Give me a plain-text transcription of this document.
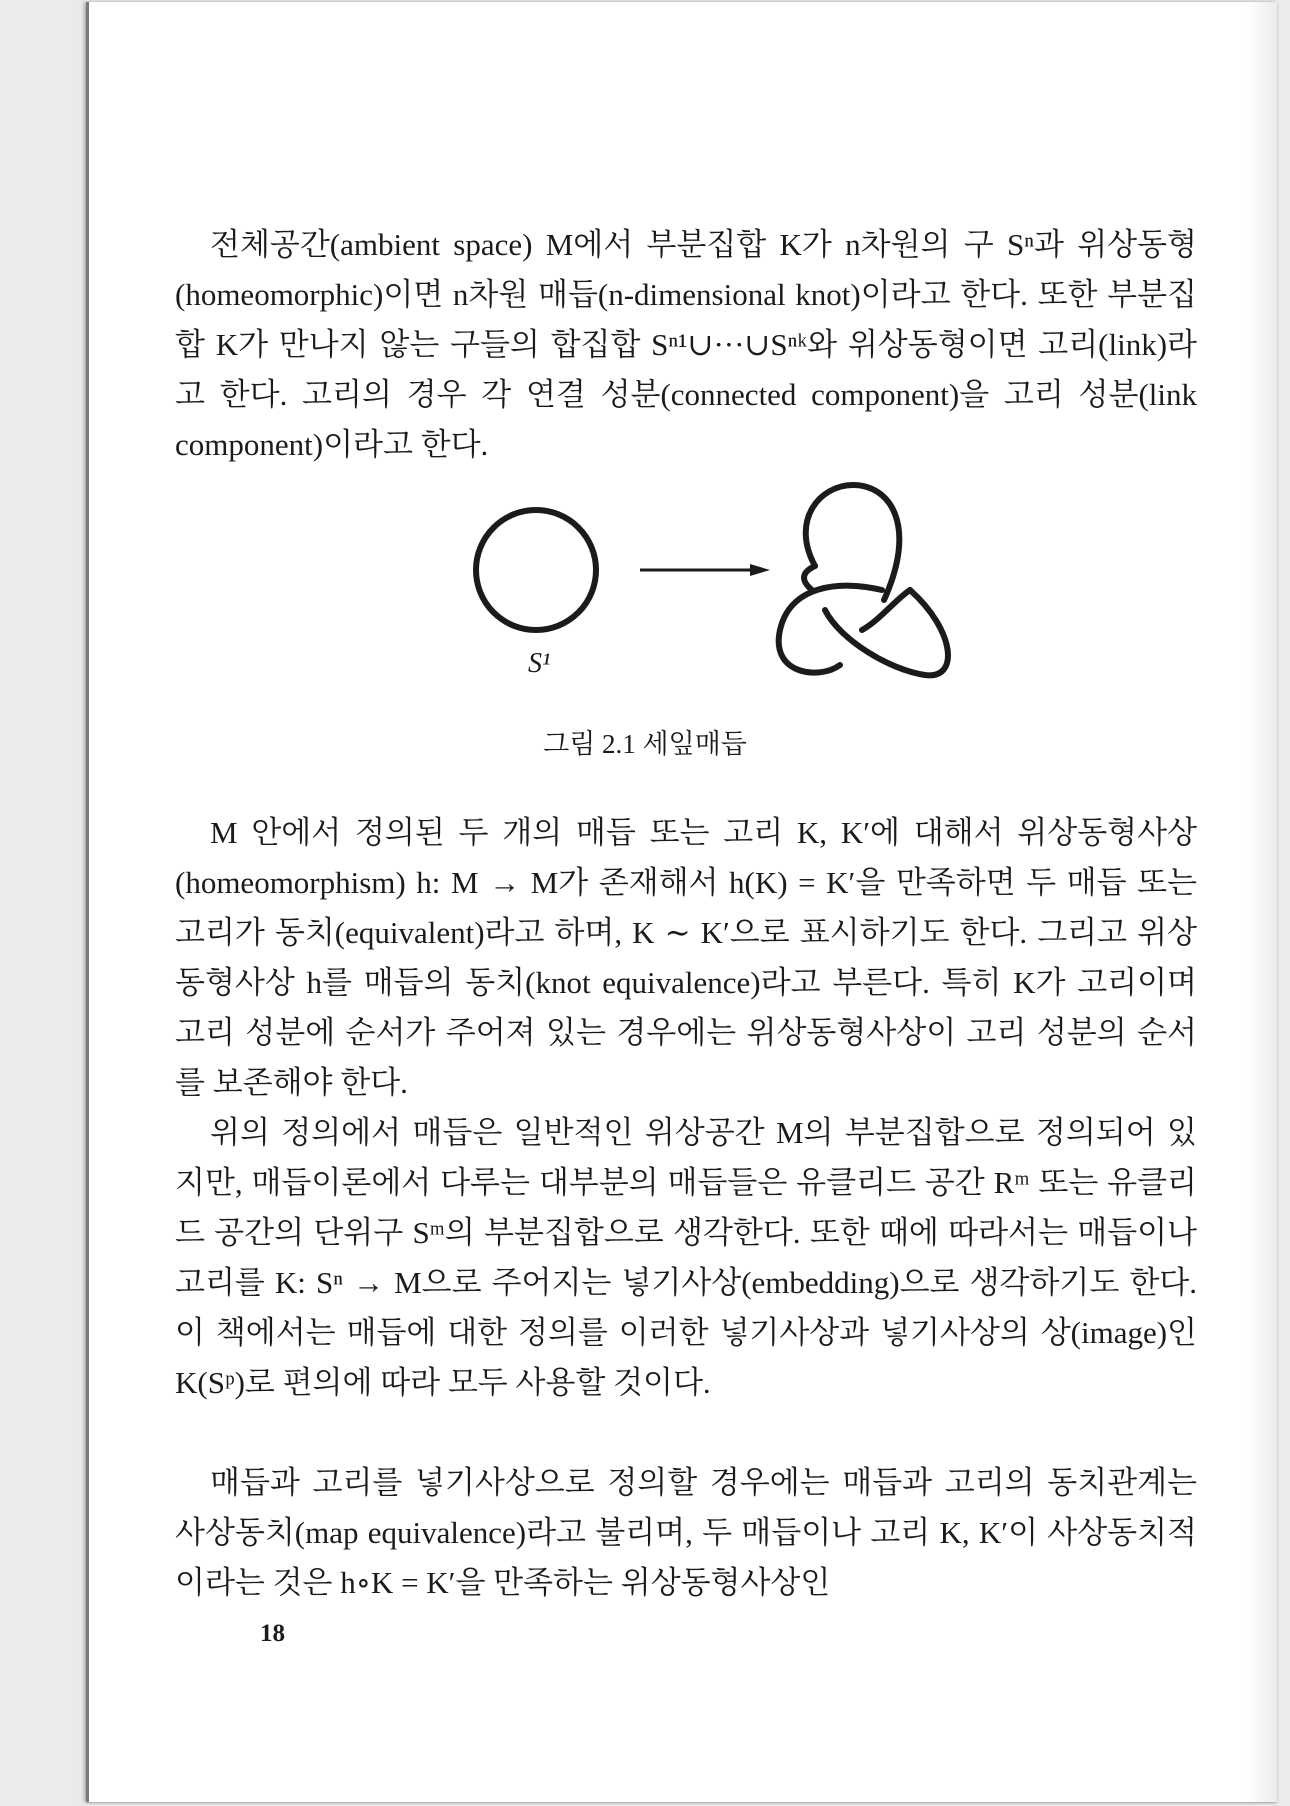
전체공간(ambient space) M에서 부분집합 K가 n차원의 구 Sⁿ과 위상동형(homeomorphic)이면 n차원 매듭(n-dimensional knot)이라고 한다. 또한 부분집합 K가 만나지 않는 구들의 합집합 Sⁿ¹∪···∪Sⁿᵏ와 위상동형이면 고리(link)라고 한다. 고리의 경우 각 연결 성분(connected component)을 고리 성분(link component)이라고 한다.

S¹
그림 2.1 세잎매듭

M 안에서 정의된 두 개의 매듭 또는 고리 K, K′에 대해서 위상동형사상(homeomorphism) h: M → M가 존재해서 h(K) = K′을 만족하면 두 매듭 또는 고리가 동치(equivalent)라고 하며, K ∼ K′으로 표시하기도 한다. 그리고 위상동형사상 h를 매듭의 동치(knot equivalence)라고 부른다. 특히 K가 고리이며 고리 성분에 순서가 주어져 있는 경우에는 위상동형사상이 고리 성분의 순서를 보존해야 한다.

위의 정의에서 매듭은 일반적인 위상공간 M의 부분집합으로 정의되어 있지만, 매듭이론에서 다루는 대부분의 매듭들은 유클리드 공간 Rᵐ 또는 유클리드 공간의 단위구 Sᵐ의 부분집합으로 생각한다. 또한 때에 따라서는 매듭이나 고리를 K: Sⁿ → M으로 주어지는 넣기사상(embedding)으로 생각하기도 한다. 이 책에서는 매듭에 대한 정의를 이러한 넣기사상과 넣기사상의 상(image)인 K(Sᵖ)로 편의에 따라 모두 사용할 것이다.

매듭과 고리를 넣기사상으로 정의할 경우에는 매듭과 고리의 동치관계는 사상동치(map equivalence)라고 불리며, 두 매듭이나 고리 K, K′이 사상동치적이라는 것은 h∘K = K′을 만족하는 위상동형사상인

18
